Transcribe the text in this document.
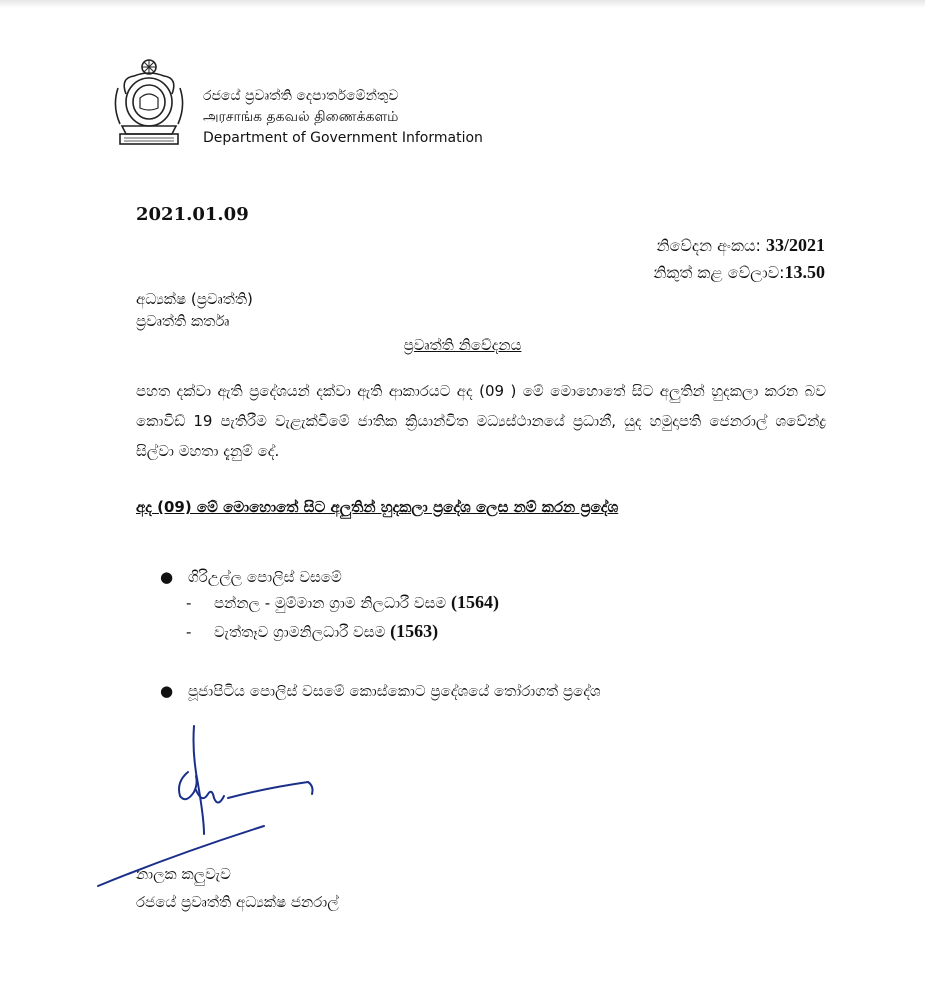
රජයේ ප්‍රවෘත්ති දෙපාර්තමේන්තුව
அரசாங்க தகவல் திணைக்களம்
Department of Government Information
2021.01.09
නිවේදන අංකය: 33/2021
නිකුත් කළ වේලාව:13.50
අධ්‍යක්ෂ (ප්‍රවෘත්ති)
ප්‍රවෘත්ති කර්තෘ
ප්‍රවෘත්ති නිවේදනය
පහත දක්වා ඇති ප්‍රදේශයන් දක්වා ඇති ආකාරයට අද (09 ) මේ මොහොතේ සිට අලුතින් හුදකලා කරන බව කොවිඩ් 19 පැතිරීම වැළැක්වීමේ ජාතික ක්‍රියාන්විත මධ්‍යස්ථානයේ ප්‍රධානී, යුද හමුදාපති ජෙනරාල් ශවේන්ද්‍ර සිල්වා මහතා දැනුම් දේ.
අද (09) මේ මොහොතේ සිට අලුතින් හුදකලා ප්‍රදේශ ලෙස නම් කරන ප්‍රදේශ
● ගිරිඋල්ල පොලිස් වසමේ
- පන්නල - මුම්මාන ග්‍රාම නිලධාරී වසම (1564)
- වැත්තෑව ග්‍රාමනිලධාරී වසම (1563)
● පූජාපිටිය පොලිස් වසමේ කොස්කොට ප්‍රදේශයේ තෝරාගත් ප්‍රදේශ
නාලක කලුවැව
රජයේ ප්‍රවෘත්ති අධ්‍යක්ෂ ජනරාල්
